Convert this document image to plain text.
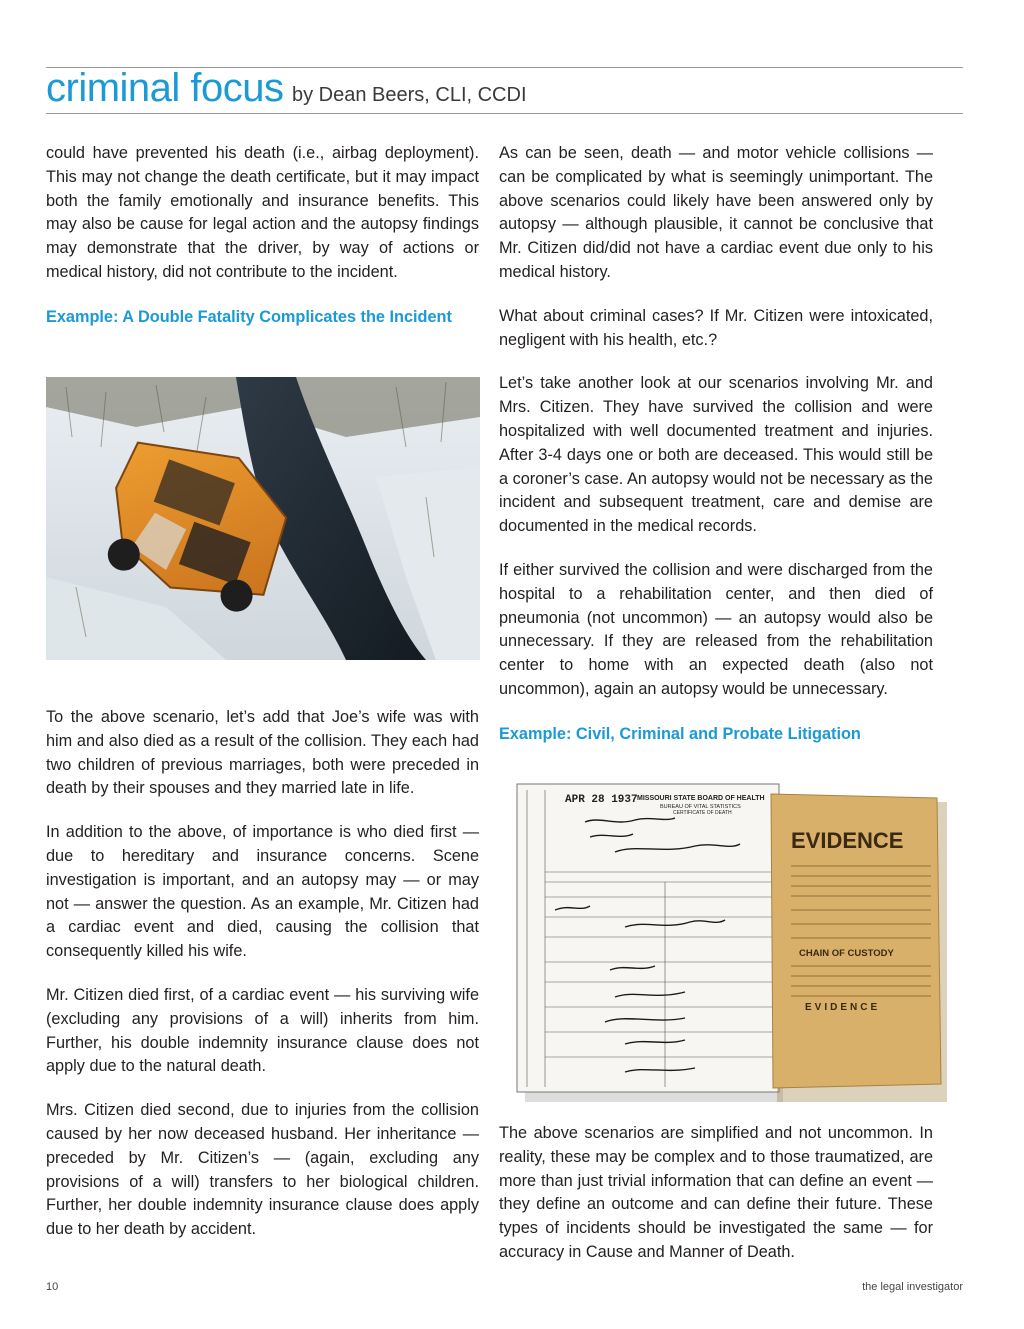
criminal focus by Dean Beers, CLI, CCDI

could have prevented his death (i.e., airbag deployment). This may not change the death certificate, but it may impact both the family emotionally and insurance benefits. This may also be cause for legal action and the autopsy findings may demonstrate that the driver, by way of actions or medical history, did not contribute to the incident.

Example: A Double Fatality Complicates the Incident

To the above scenario, let’s add that Joe’s wife was with him and also died as a result of the collision. They each had two children of previous marriages, both were preceded in death by their spouses and they married late in life.

In addition to the above, of importance is who died first — due to hereditary and insurance concerns. Scene investigation is important, and an autopsy may — or may not — answer the question. As an example, Mr. Citizen had a cardiac event and died, causing the collision that consequently killed his wife.

Mr. Citizen died first, of a cardiac event — his surviving wife (excluding any provisions of a will) inherits from him. Further, his double indemnity insurance clause does not apply due to the natural death.

Mrs. Citizen died second, due to injuries from the collision caused by her now deceased husband. Her inheritance — preceded by Mr. Citizen’s — (again, excluding any provisions of a will) transfers to her biological children. Further, her double indemnity insurance clause does apply due to her death by accident.

As can be seen, death — and motor vehicle collisions — can be complicated by what is seemingly unimportant. The above scenarios could likely have been answered only by autopsy — although plausible, it cannot be conclusive that Mr. Citizen did/did not have a cardiac event due only to his medical history.

What about criminal cases? If Mr. Citizen were intoxicated, negligent with his health, etc.?

Let’s take another look at our scenarios involving Mr. and Mrs. Citizen. They have survived the collision and were hospitalized with well documented treatment and injuries. After 3-4 days one or both are deceased. This would still be a coroner’s case. An autopsy would not be necessary as the incident and subsequent treatment, care and demise are documented in the medical records.

If either survived the collision and were discharged from the hospital to a rehabilitation center, and then died of pneumonia (not uncommon) — an autopsy would also be unnecessary. If they are released from the rehabilitation center to home with an expected death (also not uncommon), again an autopsy would be unnecessary.

Example: Civil, Criminal and Probate Litigation
APR 28 1937 MISSOURI STATE BOARD OF HEALTH
BUREAU OF VITAL STATISTICS
CERTIFICATE OF DEATH
EVIDENCE
CHAIN OF CUSTODY
EVIDENCE

The above scenarios are simplified and not uncommon. In reality, these may be complex and to those traumatized, are more than just trivial information that can define an event — they define an outcome and can define their future. These types of incidents should be investigated the same — for accuracy in Cause and Manner of Death.

10	the legal investigator
